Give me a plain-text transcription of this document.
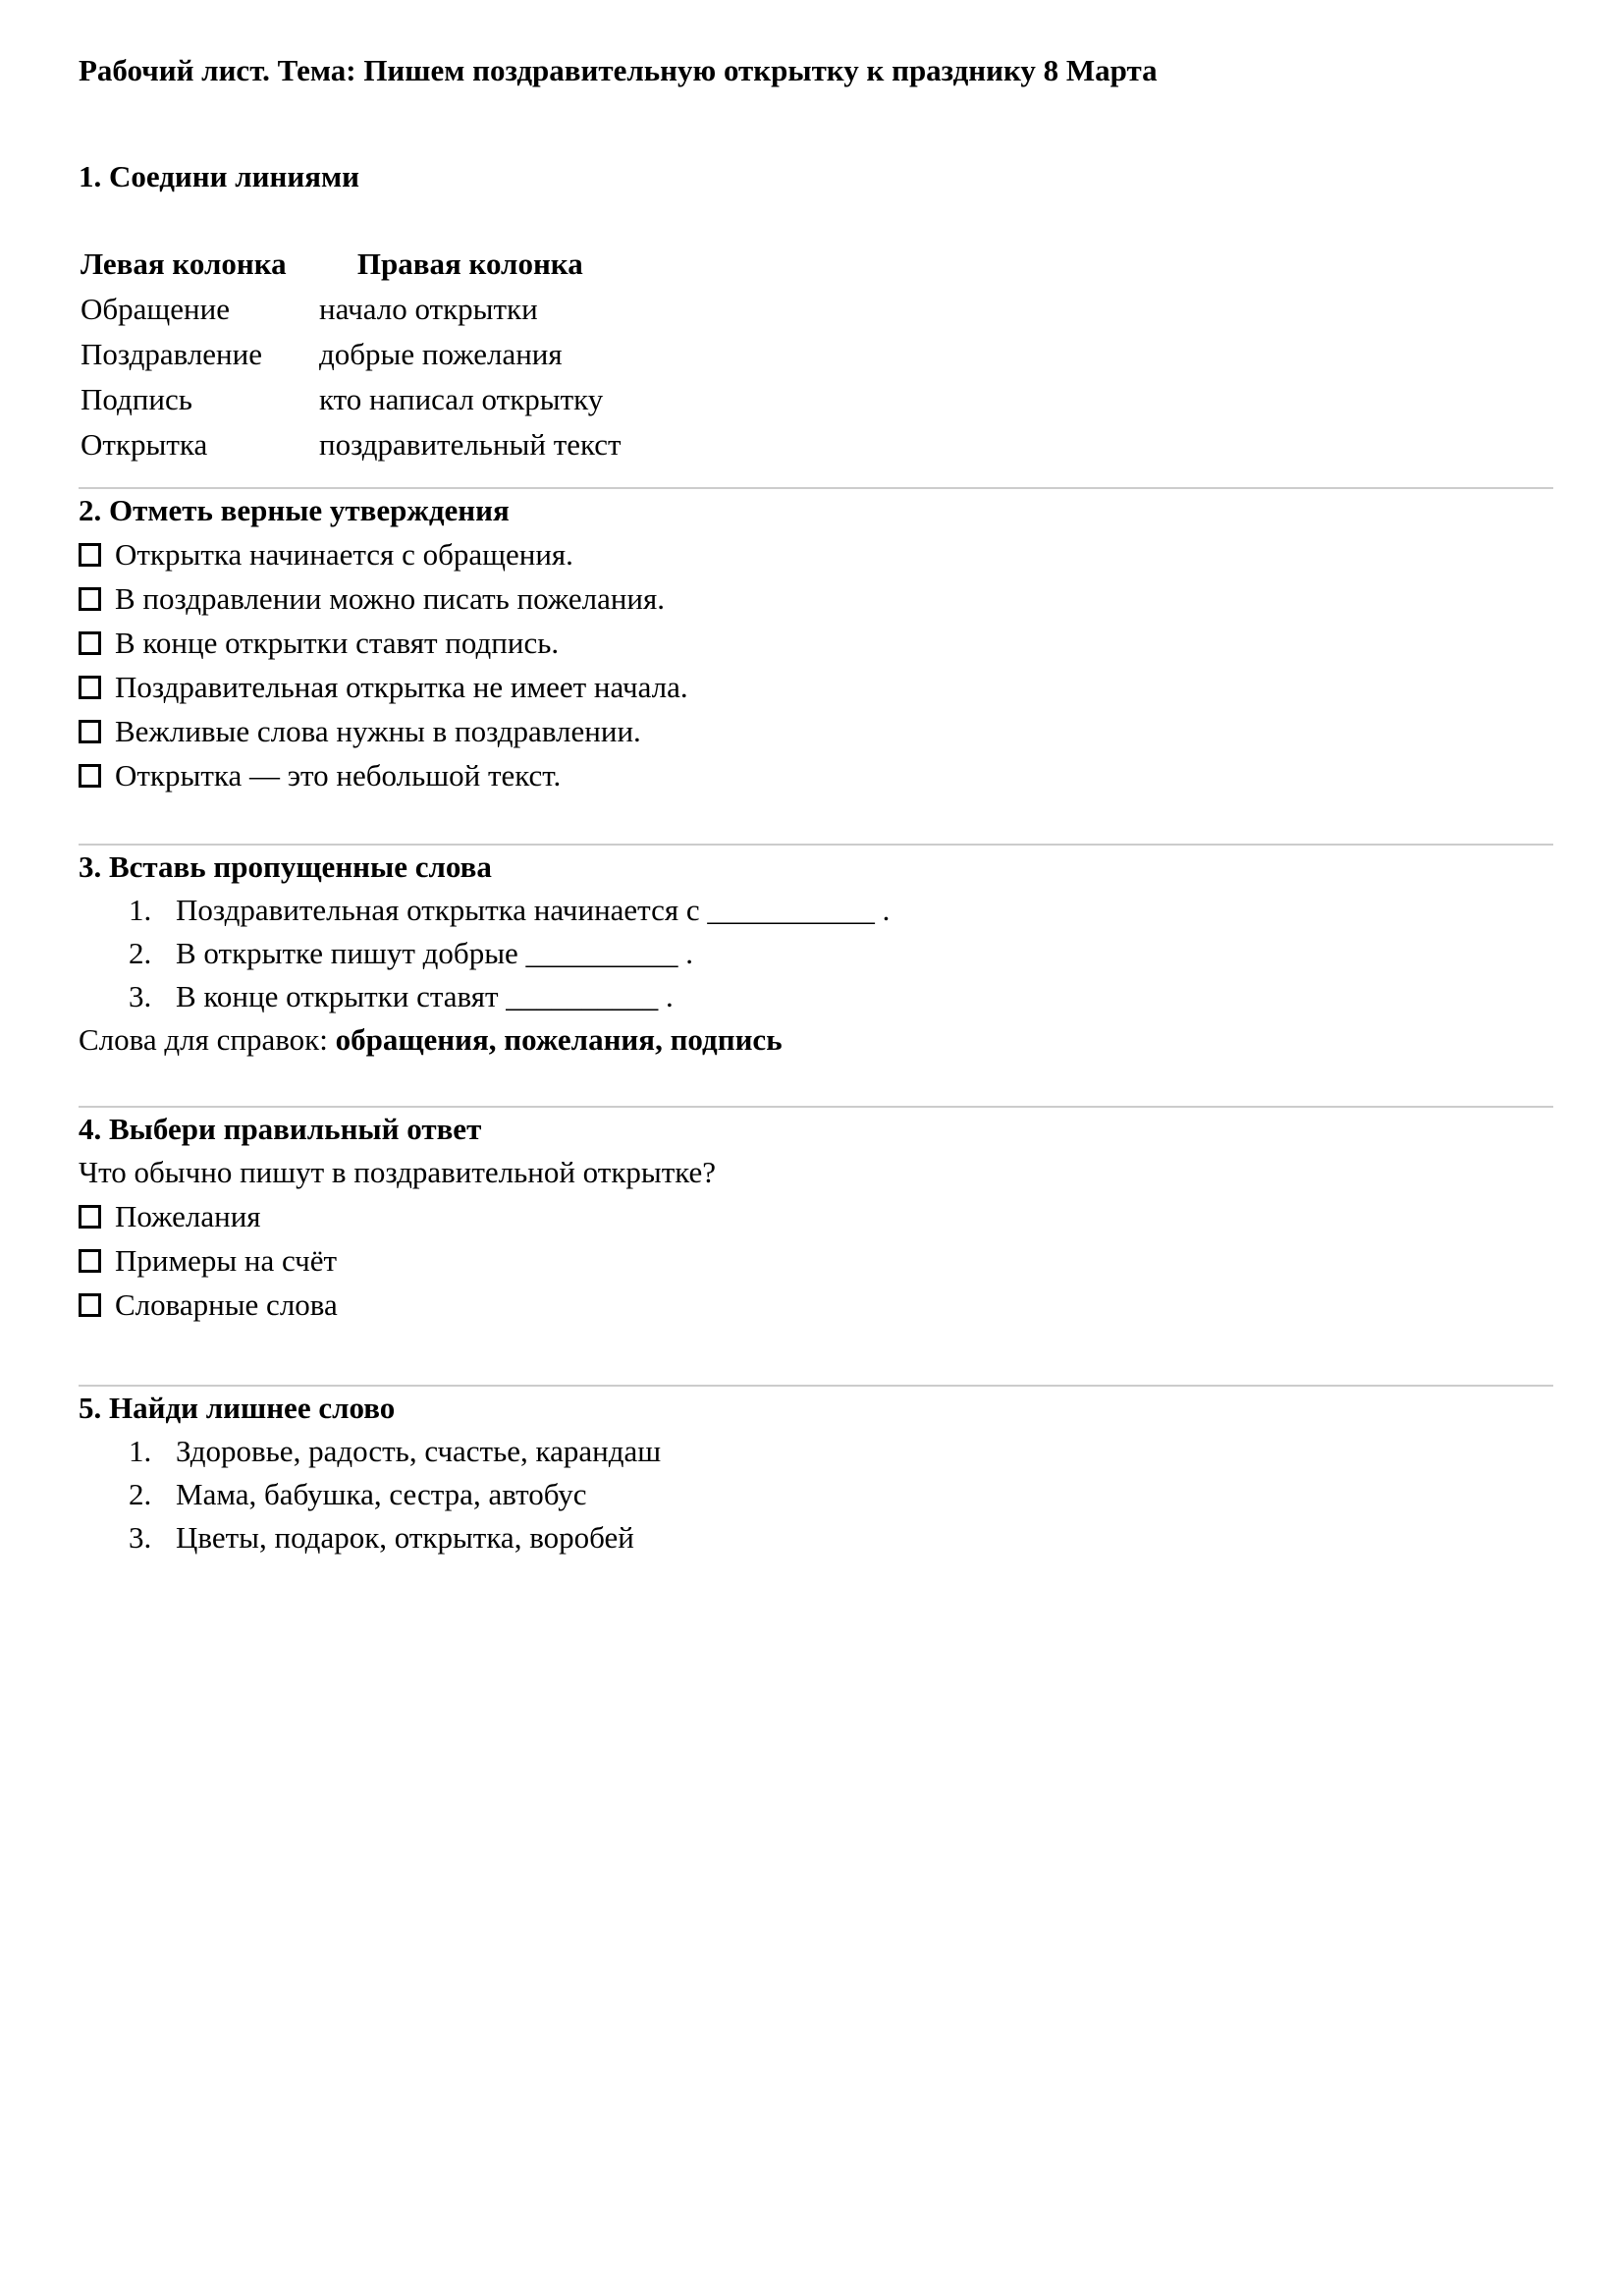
Рабочий лист. Тема: Пишем поздравительную открытку к празднику 8 Марта

1. Соедини линиями

Левая колонка	Правая колонка
Обращение	начало открытки
Поздравление	добрые пожелания
Подпись	кто написал открытку
Открытка	поздравительный текст

2. Отметь верные утверждения

Открытка начинается с обращения.
В поздравлении можно писать пожелания.
В конце открытки ставят подпись.
Поздравительная открытка не имеет начала.
Вежливые слова нужны в поздравлении.
Открытка — это небольшой текст.

3. Вставь пропущенные слова

1. Поздравительная открытка начинается с ___________ .
2. В открытке пишут добрые __________ .
3. В конце открытки ставят __________ .

Слова для справок: обращения, пожелания, подпись

4. Выбери правильный ответ

Что обычно пишут в поздравительной открытке?

Пожелания
Примеры на счёт
Словарные слова

5. Найди лишнее слово

1. Здоровье, радость, счастье, карандаш
2. Мама, бабушка, сестра, автобус
3. Цветы, подарок, открытка, воробей
